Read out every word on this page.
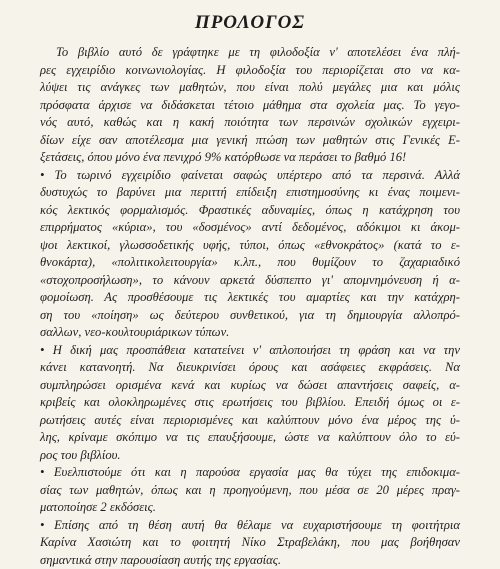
ΠΡΟΛΟΓΟΣ
Το βιβλίο αυτό δε γράφτηκε με τη φιλοδοξία ν' αποτελέσει ένα πλή-
ρες εγχειρίδιο κοινωνιολογίας. Η φιλοδοξία του περιορίζεται στο να κα-
λύψει τις ανάγκες των μαθητών, που είναι πολύ μεγάλες μια και μόλις
πρόσφατα άρχισε να διδάσκεται τέτοιο μάθημα στα σχολεία μας. Το γεγο-
νός αυτό, καθώς και η κακή ποιότητα των περσινών σχολικών εγχειρι-
δίων είχε σαν αποτέλεσμα μια γενική πτώση των μαθητών στις Γενικές Ε-
ξετάσεις, όπου μόνο ένα πενιχρό 9% κατόρθωσε να περάσει το βαθμό 16!
• Το τωρινό εγχειρίδιο φαίνεται σαφώς υπέρτερο από τα περσινά. Αλλά
δυστυχώς το βαρύνει μια περιττή επίδειξη επιστημοσύνης κι ένας ποιμενι-
κός λεκτικός φορμαλισμός. Φραστικές αδυναμίες, όπως η κατάχρηση του
επιρρήματος «κύρια», του «δοσμένος» αντί δεδομένος, αδόκιμοι κι άκομ-
ψοι λεκτικοί, γλωσσοδετικής υφής, τύποι, όπως «εθνοκράτος» (κατά το ε-
θνοκάρτα), «πολιτικολειτουργία» κ.λπ., που θυμίζουν το ζαχαριαδικό
«στοχοπροσήλωση», το κάνουν αρκετά δύσπεπτο γι' απομνημόνευση ή α-
φομοίωση. Ας προσθέσουμε τις λεκτικές του αμαρτίες και την κατάχρη-
ση του «ποίηση» ως δεύτερου συνθετικού, για τη δημιουργία αλλοπρό-
σαλλων, νεο-κουλτουριάρικων τύπων.
• Η δική μας προσπάθεια κατατείνει ν' απλοποιήσει τη φράση και να την
κάνει κατανοητή. Να διευκρινίσει όρους και ασάφειες εκφράσεις. Να
συμπληρώσει ορισμένα κενά και κυρίως να δώσει απαντήσεις σαφείς, α-
κριβείς και ολοκληρωμένες στις ερωτήσεις του βιβλίου. Επειδή όμως οι ε-
ρωτήσεις αυτές είναι περιορισμένες και καλύπτουν μόνο ένα μέρος της ύ-
λης, κρίναμε σκόπιμο να τις επαυξήσουμε, ώστε να καλύπτουν όλο το εύ-
ρος του βιβλίου.
• Ευελπιστούμε ότι και η παρούσα εργασία μας θα τύχει της επιδοκιμα-
σίας των μαθητών, όπως και η προηγούμενη, που μέσα σε 20 μέρες πραγ-
ματοποίησε 2 εκδόσεις.
• Επίσης από τη θέση αυτή θα θέλαμε να ευχαριστήσουμε τη φοιτήτρια
Καρίνα Χασιώτη και το φοιτητή Νίκο Στραβελάκη, που μας βοήθησαν
σημαντικά στην παρουσίαση αυτής της εργασίας.
